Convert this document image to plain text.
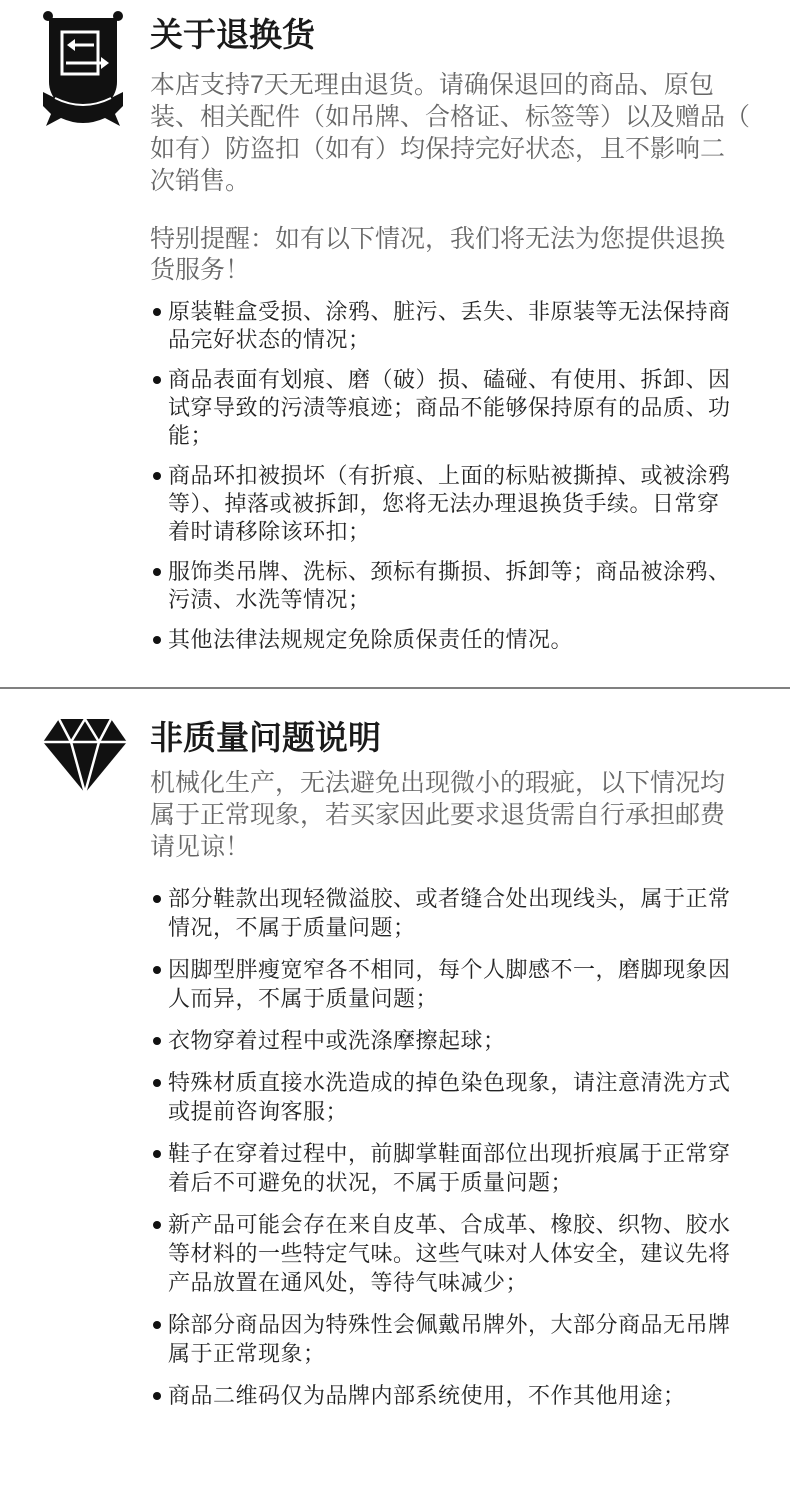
关于退换货
本店支持7天无理由退货。请确保退回的商品、原包
装、相关配件（如吊牌、合格证、标签等）以及赠品（
如有）防盗扣（如有）均保持完好状态，且不影响二
次销售。
特别提醒：如有以下情况，我们将无法为您提供退换
货服务！
原装鞋盒受损、涂鸦、脏污、丢失、非原装等无法保持商
品完好状态的情况；
商品表面有划痕、磨（破）损、磕碰、有使用、拆卸、因
试穿导致的污渍等痕迹；商品不能够保持原有的品质、功
能；
商品环扣被损坏（有折痕、上面的标贴被撕掉、或被涂鸦
等）、掉落或被拆卸，您将无法办理退换货手续。日常穿
着时请移除该环扣；
服饰类吊牌、洗标、颈标有撕损、拆卸等；商品被涂鸦、
污渍、水洗等情况；
其他法律法规规定免除质保责任的情况。
非质量问题说明
机械化生产，无法避免出现微小的瑕疵，以下情况均
属于正常现象，若买家因此要求退货需自行承担邮费
请见谅！
部分鞋款出现轻微溢胶、或者缝合处出现线头，属于正常
情况，不属于质量问题；
因脚型胖瘦宽窄各不相同，每个人脚感不一，磨脚现象因
人而异，不属于质量问题；
衣物穿着过程中或洗涤摩擦起球；
特殊材质直接水洗造成的掉色染色现象，请注意清洗方式
或提前咨询客服；
鞋子在穿着过程中，前脚掌鞋面部位出现折痕属于正常穿
着后不可避免的状况，不属于质量问题；
新产品可能会存在来自皮革、合成革、橡胶、织物、胶水
等材料的一些特定气味。这些气味对人体安全，建议先将
产品放置在通风处，等待气味减少；
除部分商品因为特殊性会佩戴吊牌外，大部分商品无吊牌
属于正常现象；
商品二维码仅为品牌内部系统使用，不作其他用途；
